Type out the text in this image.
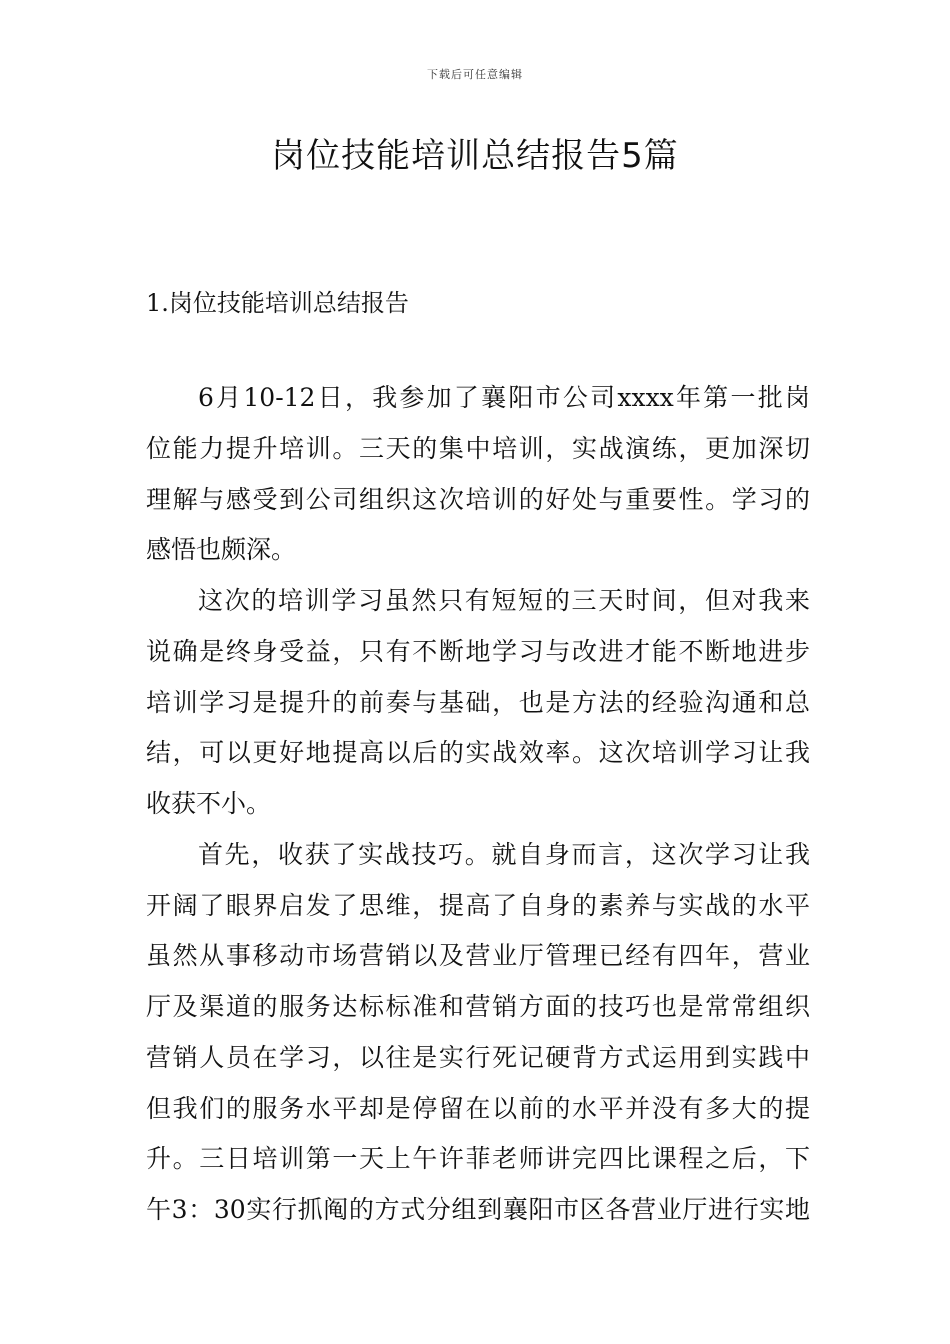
下载后可任意编辑
岗位技能培训总结报告5篇
1.岗位技能培训总结报告
6月10-12日，我参加了襄阳市公司xxxx年第一批岗
位能力提升培训。三天的集中培训，实战演练，更加深切
理解与感受到公司组织这次培训的好处与重要性。学习的
感悟也颇深。
这次的培训学习虽然只有短短的三天时间，但对我来
说确是终身受益，只有不断地学习与改进才能不断地进步
培训学习是提升的前奏与基础，也是方法的经验沟通和总
结，可以更好地提高以后的实战效率。这次培训学习让我
收获不小。
首先，收获了实战技巧。就自身而言，这次学习让我
开阔了眼界启发了思维，提高了自身的素养与实战的水平
虽然从事移动市场营销以及营业厅管理已经有四年，营业
厅及渠道的服务达标标准和营销方面的技巧也是常常组织
营销人员在学习，以往是实行死记硬背方式运用到实践中
但我们的服务水平却是停留在以前的水平并没有多大的提
升。三日培训第一天上午许菲老师讲完四比课程之后，下
午3：30实行抓阄的方式分组到襄阳市区各营业厅进行实地
